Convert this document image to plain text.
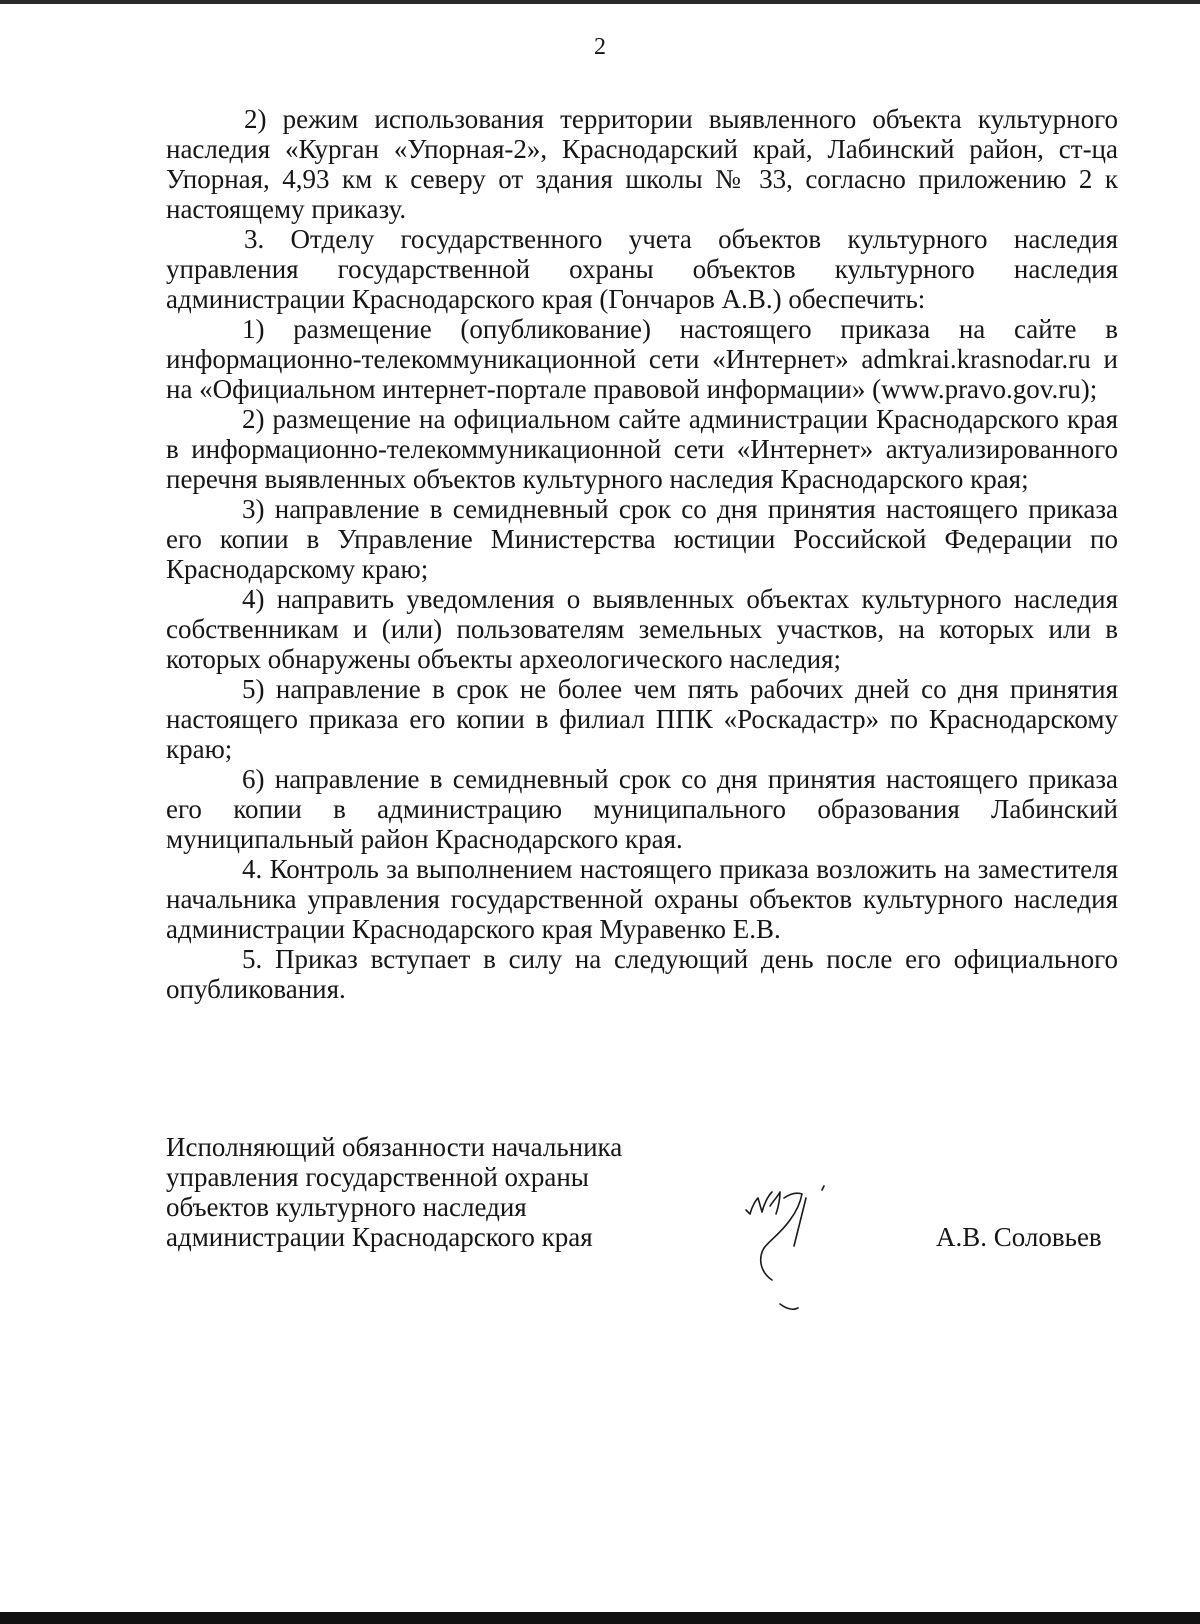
2

2) режим использования территории выявленного объекта культурного наследия «Курган «Упорная-2», Краснодарский край, Лабинский район, ст-ца Упорная, 4,93 км к северу от здания школы № 33, согласно приложению 2 к настоящему приказу.

3. Отделу государственного учета объектов культурного наследия управления государственной охраны объектов культурного наследия администрации Краснодарского края (Гончаров А.В.) обеспечить:

1) размещение (опубликование) настоящего приказа на сайте в информационно-телекоммуникационной сети «Интернет» admkrai.krasnodar.ru и на «Официальном интернет-портале правовой информации» (www.pravo.gov.ru);

2) размещение на официальном сайте администрации Краснодарского края в информационно-телекоммуникационной сети «Интернет» актуализированного перечня выявленных объектов культурного наследия Краснодарского края;

3) направление в семидневный срок со дня принятия настоящего приказа его копии в Управление Министерства юстиции Российской Федерации по Краснодарскому краю;

4) направить уведомления о выявленных объектах культурного наследия собственникам и (или) пользователям земельных участков, на которых или в которых обнаружены объекты археологического наследия;

5) направление в срок не более чем пять рабочих дней со дня принятия настоящего приказа его копии в филиал ППК «Роскадастр» по Краснодарскому краю;

6) направление в семидневный срок со дня принятия настоящего приказа его копии в администрацию муниципального образования Лабинский муниципальный район Краснодарского края.

4. Контроль за выполнением настоящего приказа возложить на заместителя начальника управления государственной охраны объектов культурного наследия администрации Краснодарского края Муравенко Е.В.

5. Приказ вступает в силу на следующий день после его официального опубликования.

Исполняющий обязанности начальника
управления государственной охраны
объектов культурного наследия
администрации Краснодарского края	А.В. Соловьев
